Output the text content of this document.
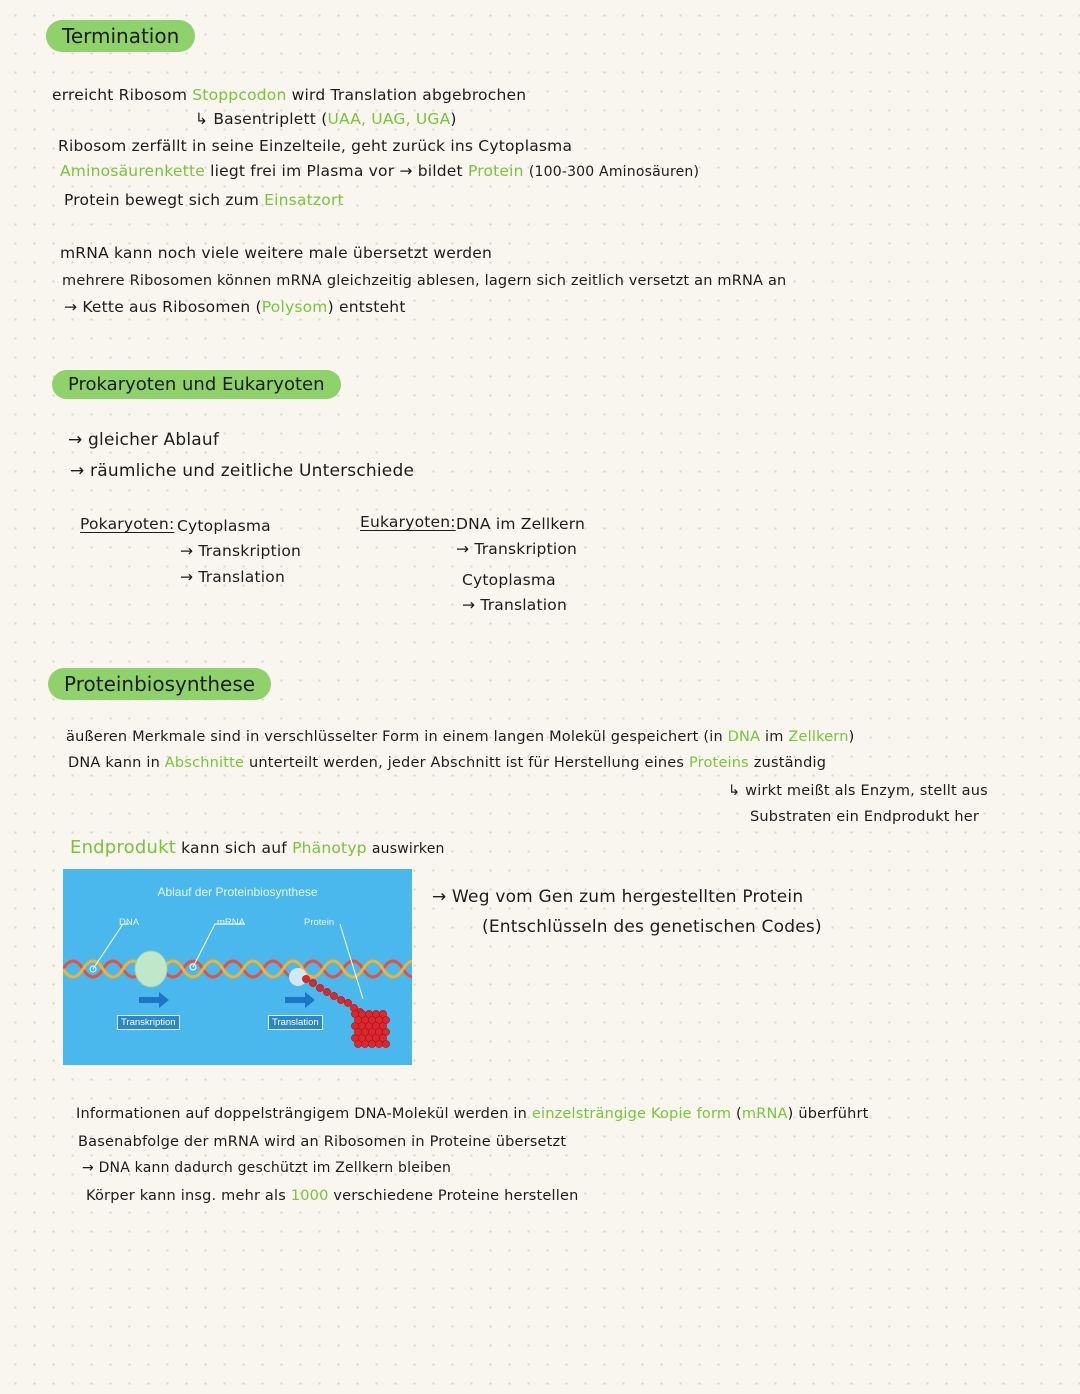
Termination
erreicht Ribosom Stoppcodon wird Translation abgebrochen
↳ Basentriplett (UAA, UAG, UGA)
Ribosom zerfällt in seine Einzelteile, geht zurück ins Cytoplasma
Aminosäurenkette liegt frei im Plasma vor → bildet Protein (100-300 Aminosäuren)
Protein bewegt sich zum Einsatzort
mRNA kann noch viele weitere male übersetzt werden
mehrere Ribosomen können mRNA gleichzeitig ablesen, lagern sich zeitlich versetzt an mRNA an
→ Kette aus Ribosomen (Polysom) entsteht
Prokaryoten und Eukaryoten
→ gleicher Ablauf
→ räumliche und zeitliche Unterschiede
Pokaryoten: Cytoplasma
→ Transkription
→ Translation
Eukaryoten: DNA im Zellkern
→ Transkription
Cytoplasma
→ Translation
Proteinbiosynthese
äußeren Merkmale sind in verschlüsselter Form in einem langen Molekül gespeichert (in DNA im Zellkern)
DNA kann in Abschnitte unterteilt werden, jeder Abschnitt ist für Herstellung eines Proteins zuständig
↳ wirkt meißt als Enzym, stellt aus
Substraten ein Endprodukt her
Endprodukt kann sich auf Phänotyp auswirken
Ablauf der Proteinbiosynthese
DNA	mRNA	Protein
Transkription	Translation
→ Weg vom Gen zum hergestellten Protein
(Entschlüsseln des genetischen Codes)
Informationen auf doppelsträngigem DNA-Molekül werden in einzelsträngige Kopie form (mRNA) überführt
Basenabfolge der mRNA wird an Ribosomen in Proteine übersetzt
→ DNA kann dadurch geschützt im Zellkern bleiben
Körper kann insg. mehr als 1000 verschiedene Proteine herstellen
